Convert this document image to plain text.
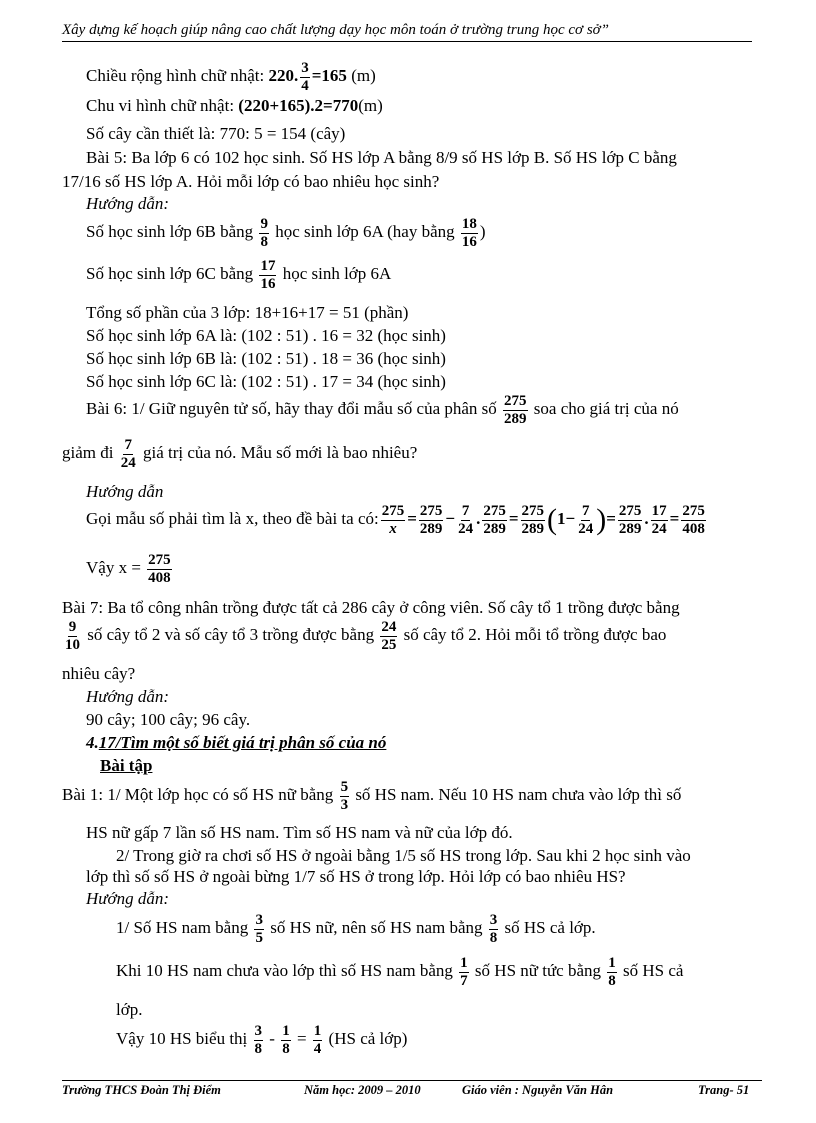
Xây dựng kế hoạch giúp nâng cao chất lượng dạy học môn toán ở trường trung học cơ sở”
Chiều rộng hình chữ nhật: 220. $\frac{3}{4} =165$ (m)
Chu vi hình chữ nhật: (220+165).2=770(m)
Số cây cần thiết là: 770: 5 = 154 (cây)
Bài 5: Ba lớp 6 có 102 học sinh. Số HS lớp A bằng 8/9 số HS lớp B. Số HS lớp C bằng
17/16 số HS lớp A. Hỏi mỗi lớp có bao nhiêu học sinh?
Hướng dẫn:
Số học sinh lớp 6B bằng $\frac{9}{8}$ học sinh lớp 6A (hay bằng $\frac{18}{16}$ )
Số học sinh lớp 6C bằng $\frac{17}{16}$ học sinh lớp 6A
Tổng số phần của 3 lớp: 18+16+17 = 51 (phần)
Số học sinh lớp 6A là: (102 : 51) . 16 = 32 (học sinh)
Số học sinh lớp 6B là: (102 : 51) . 18 = 36 (học sinh)
Số học sinh lớp 6C là: (102 : 51) . 17 = 34 (học sinh)
Bài 6: 1/ Giữ nguyên tử số, hãy thay đổi mẫu số của phân số $\frac{275}{289}$ soa cho giá trị của nó
giảm đi $\frac{7}{24}$ giá trị của nó. Mẫu số mới là bao nhiêu?
Hướng dẫn
Gọi mẫu số phải tìm là x, theo đề bài ta có: $\frac{275}{x} = \frac{275}{289} - \frac{7}{24}$ . $\frac{275}{289} = \frac{275}{289} (1- \frac{7}{24}$ )= $\frac{275}{289}$ . $\frac{17}{24} = \frac{275}{408}$
Vậy $x = \frac{275}{408}$
Bài 7: Ba tổ công nhân trồng được tất cả 286 cây ở công viên. Số cây tổ 1 trồng được bằng
$\frac{9}{10}$ số cây tổ 2 và số cây tổ 3 trồng được bằng $\frac{24}{25}$ số cây tổ 2. Hỏi mỗi tổ trồng được bao
nhiêu cây?
Hướng dẫn:
90 cây; 100 cây; 96 cây.
4.17/Tìm một số biết giá trị phân số của nó
Bài tập
Bài 1: 1/ Một lớp học có số HS nữ bằng $\frac{5}{3}$ số HS nam. Nếu 10 HS nam chưa vào lớp thì số
HS nữ gấp 7 lần số HS nam. Tìm số HS nam và nữ của lớp đó.
2/ Trong giờ ra chơi số HS ở ngoài bằng 1/5 số HS trong lớp. Sau khi 2 học sinh vào
lớp thì số số HS ở ngoài bừng 1/7 số HS ở trong lớp. Hỏi lớp có bao nhiêu HS?
Hướng dẫn:
1/ Số HS nam bằng $\frac{3}{5}$ số HS nữ, nên số HS nam bằng $\frac{3}{8}$ số HS cả lớp.
Khi 10 HS nam chưa vào lớp thì số HS nam bằng $\frac{1}{7}$ số HS nữ tức bằng $\frac{1}{8}$ số HS cả
lớp.
Vậy 10 HS biểu thị $\frac{3}{8} - \frac{1}{8} = \frac{1}{4} (HS$ cả lớp)
Trường THCS Đoàn Thị Điểm	Năm học: 2009 – 2010	Giáo viên : Nguyễn Văn Hân	Trang- 51
